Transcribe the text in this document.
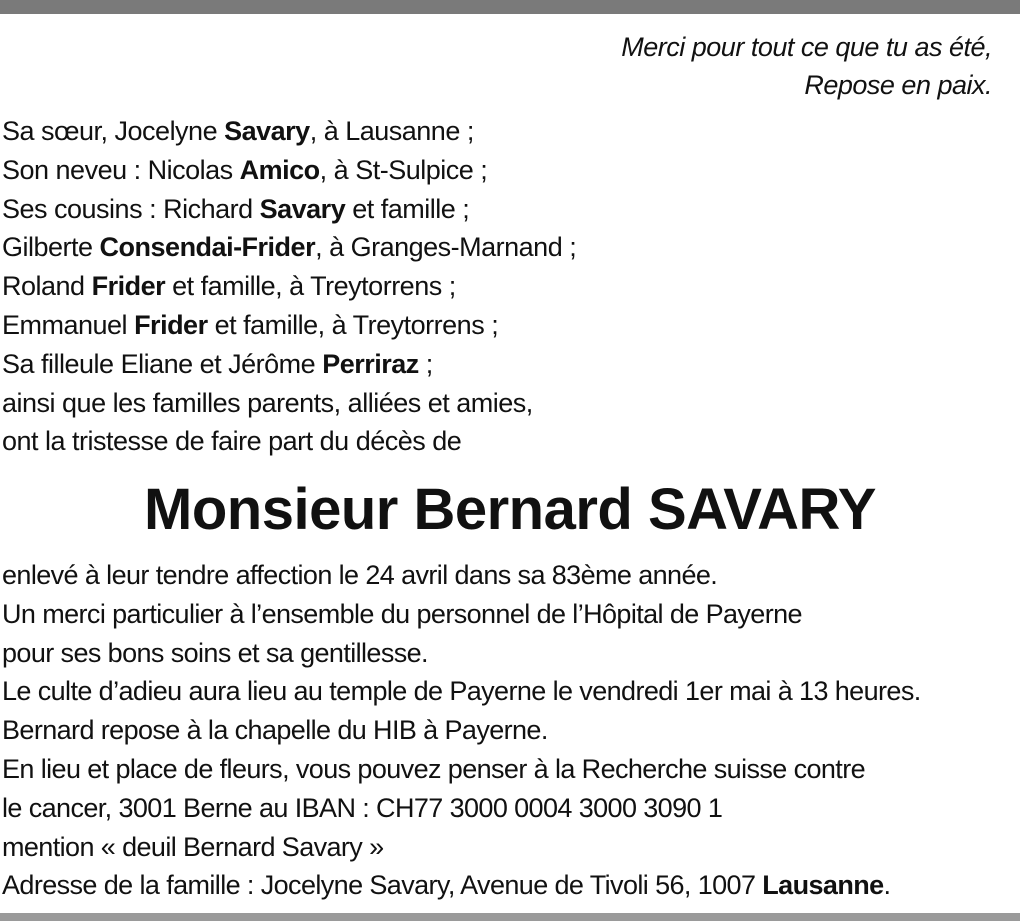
Merci pour tout ce que tu as été,
Repose en paix.
Sa sœur, Jocelyne Savary, à Lausanne ;
Son neveu : Nicolas Amico, à St-Sulpice ;
Ses cousins : Richard Savary et famille ;
Gilberte Consendai-Frider, à Granges-Marnand ;
Roland Frider et famille, à Treytorrens ;
Emmanuel Frider et famille, à Treytorrens ;
Sa filleule Eliane et Jérôme Perriraz ;
ainsi que les familles parents, alliées et amies,
ont la tristesse de faire part du décès de
Monsieur Bernard SAVARY
enlevé à leur tendre affection le 24 avril dans sa 83ème année.
Un merci particulier à l’ensemble du personnel de l’Hôpital de Payerne
pour ses bons soins et sa gentillesse.
Le culte d’adieu aura lieu au temple de Payerne le vendredi 1er mai à 13 heures.
Bernard repose à la chapelle du HIB à Payerne.
En lieu et place de fleurs, vous pouvez penser à la Recherche suisse contre
le cancer, 3001 Berne au IBAN : CH77 3000 0004 3000 3090 1
mention « deuil Bernard Savary »
Adresse de la famille : Jocelyne Savary, Avenue de Tivoli 56, 1007 Lausanne.
